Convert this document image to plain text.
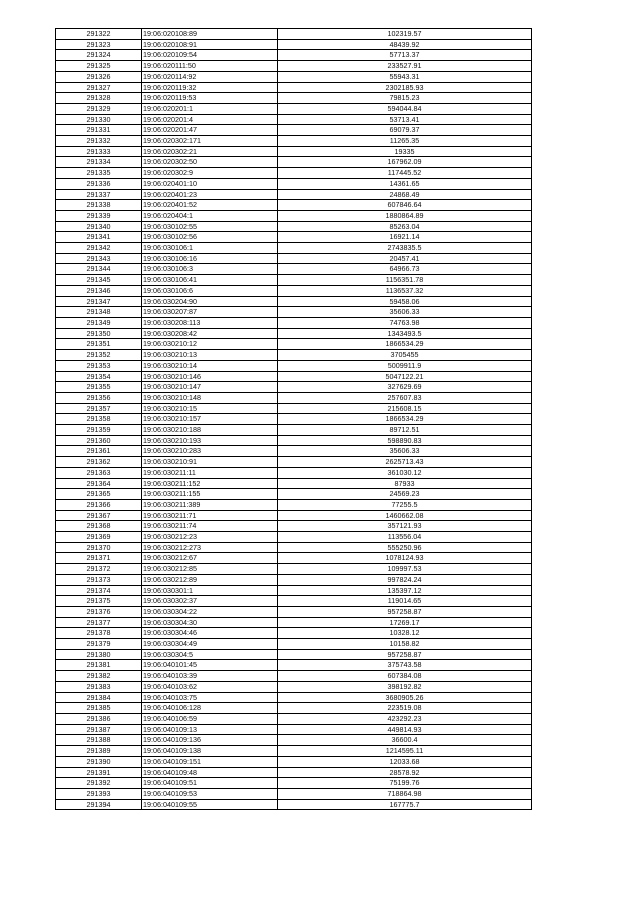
291322	19:06:020108:89	102319.57
291323	19:06:020108:91	48439.92
291324	19:06:020109:54	57713.37
291325	19:06:020111:50	233527.91
291326	19:06:020114:92	55943.31
291327	19:06:020119:32	2302185.93
291328	19:06:020119:53	79815.23
291329	19:06:020201:1	594044.84
291330	19:06:020201:4	53713.41
291331	19:06:020201:47	69079.37
291332	19:06:020302:171	11265.35
291333	19:06:020302:21	19335
291334	19:06:020302:50	167962.09
291335	19:06:020302:9	117445.52
291336	19:06:020401:10	14361.65
291337	19:06:020401:23	24868.49
291338	19:06:020401:52	607846.64
291339	19:06:020404:1	1880864.89
291340	19:06:030102:55	85263.04
291341	19:06:030102:56	16921.14
291342	19:06:030106:1	2743835.5
291343	19:06:030106:16	20457.41
291344	19:06:030106:3	64966.73
291345	19:06:030106:41	1156351.78
291346	19:06:030106:6	1136537.32
291347	19:06:030204:90	59458.06
291348	19:06:030207:87	35606.33
291349	19:06:030208:113	74763.98
291350	19:06:030208:42	1343493.5
291351	19:06:030210:12	1866534.29
291352	19:06:030210:13	3705455
291353	19:06:030210:14	5009911.9
291354	19:06:030210:146	5047122.21
291355	19:06:030210:147	327629.69
291356	19:06:030210:148	257607.83
291357	19:06:030210:15	215608.15
291358	19:06:030210:157	1866534.29
291359	19:06:030210:188	89712.51
291360	19:06:030210:193	598890.83
291361	19:06:030210:283	35606.33
291362	19:06:030210:91	2625713.43
291363	19:06:030211:11	361030.12
291364	19:06:030211:152	87933
291365	19:06:030211:155	24569.23
291366	19:06:030211:389	77255.5
291367	19:06:030211:71	1460662.08
291368	19:06:030211:74	357121.93
291369	19:06:030212:23	113556.04
291370	19:06:030212:273	555250.96
291371	19:06:030212:67	1078124.93
291372	19:06:030212:85	109997.53
291373	19:06:030212:89	997824.24
291374	19:06:030301:1	135397.12
291375	19:06:030302:37	119014.65
291376	19:06:030304:22	957258.87
291377	19:06:030304:30	17269.17
291378	19:06:030304:46	10328.12
291379	19:06:030304:49	10158.82
291380	19:06:030304:5	957258.87
291381	19:06:040101:45	375743.58
291382	19:06:040103:39	607384.08
291383	19:06:040103:62	398192.82
291384	19:06:040103:75	3680905.26
291385	19:06:040106:128	223519.08
291386	19:06:040106:59	423292.23
291387	19:06:040109:13	449814.93
291388	19:06:040109:136	36600.4
291389	19:06:040109:138	1214595.11
291390	19:06:040109:151	12033.68
291391	19:06:040109:48	28578.92
291392	19:06:040109:51	75199.76
291393	19:06:040109:53	718864.98
291394	19:06:040109:55	167775.7
